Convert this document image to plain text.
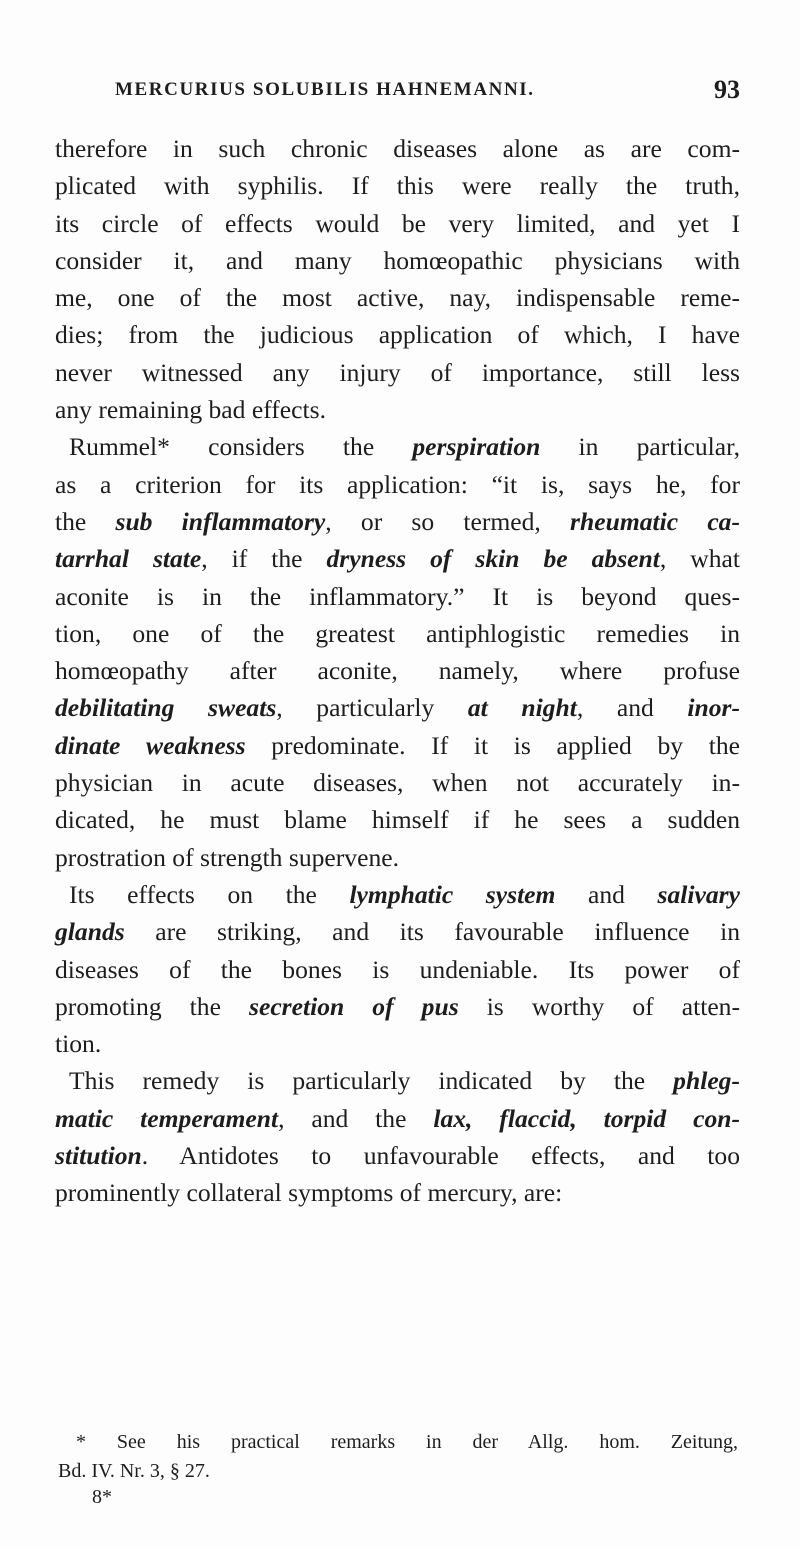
MERCURIUS SOLUBILIS HAHNEMANNI.	93
therefore in such chronic diseases alone as are com-
plicated with syphilis. If this were really the truth,
its circle of effects would be very limited, and yet I
consider it, and many homœopathic physicians with
me, one of the most active, nay, indispensable reme-
dies; from the judicious application of which, I have
never witnessed any injury of importance, still less
any remaining bad effects.
Rummel* considers the perspiration in particular,
as a criterion for its application: “it is, says he, for
the sub inflammatory, or so termed, rheumatic ca-
tarrhal state, if the dryness of skin be absent, what
aconite is in the inflammatory.” It is beyond ques-
tion, one of the greatest antiphlogistic remedies in
homœopathy after aconite, namely, where profuse
debilitating sweats, particularly at night, and inor-
dinate weakness predominate. If it is applied by the
physician in acute diseases, when not accurately in-
dicated, he must blame himself if he sees a sudden
prostration of strength supervene.
Its effects on the lymphatic system and salivary
glands are striking, and its favourable influence in
diseases of the bones is undeniable. Its power of
promoting the secretion of pus is worthy of atten-
tion.
This remedy is particularly indicated by the phleg-
matic temperament, and the lax, flaccid, torpid con-
stitution. Antidotes to unfavourable effects, and too
prominently collateral symptoms of mercury, are:
* See his practical remarks in der Allg. hom. Zeitung,
Bd. IV. Nr. 3, § 27.
8*
